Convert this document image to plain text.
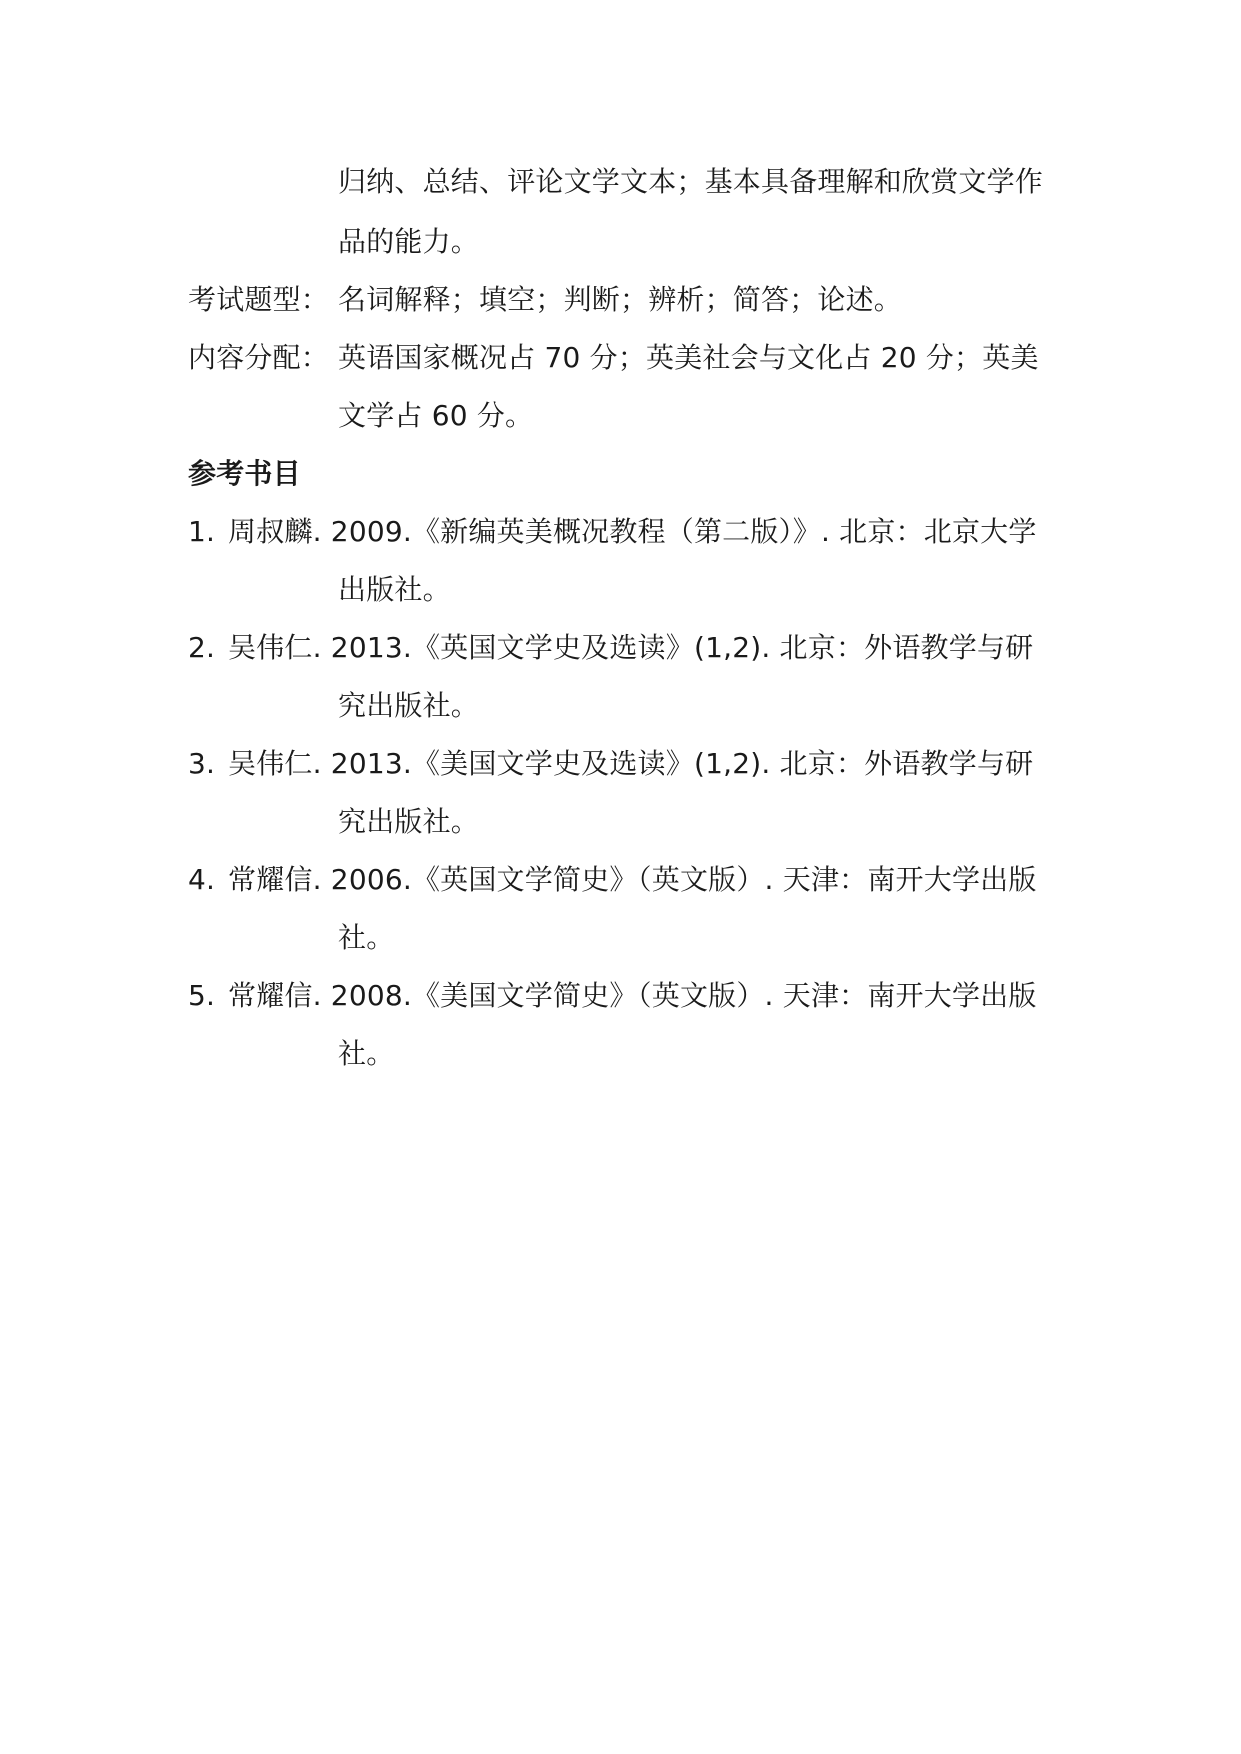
归纳、总结、评论文学文本；基本具备理解和欣赏文学作
品的能力。
考试题型： 名词解释；填空；判断；辨析；简答；论述。
内容分配： 英语国家概况占 70 分；英美社会与文化占 20 分；英美
文学占 60 分。
参考书目
1. 周叔麟. 2009.《新编英美概况教程（第二版）》. 北京：北京大学
出版社。
2. 吴伟仁. 2013.《英国文学史及选读》(1,2). 北京：外语教学与研
究出版社。
3. 吴伟仁. 2013.《美国文学史及选读》(1,2). 北京：外语教学与研
究出版社。
4. 常耀信. 2006.《英国文学简史》（英文版）. 天津：南开大学出版
社。
5. 常耀信. 2008.《美国文学简史》（英文版）. 天津：南开大学出版
社。
